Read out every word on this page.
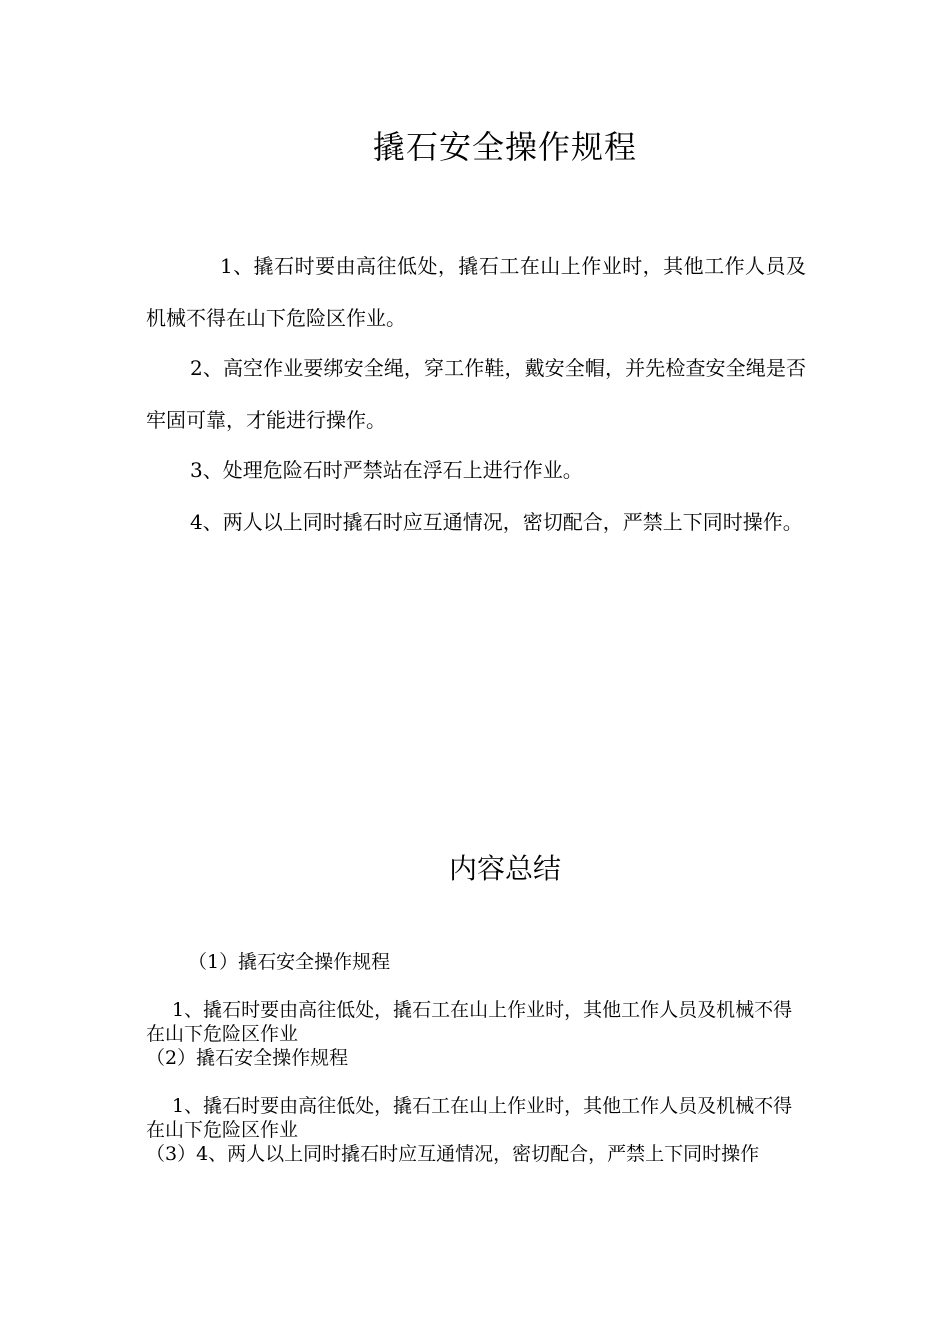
撬石安全操作规程

1、撬石时要由高往低处，撬石工在山上作业时，其他工作人员及机械不得在山下危险区作业。

2、高空作业要绑安全绳，穿工作鞋，戴安全帽，并先检查安全绳是否牢固可靠，才能进行操作。

3、处理危险石时严禁站在浮石上进行作业。

4、两人以上同时撬石时应互通情况，密切配合，严禁上下同时操作。

内容总结

（1）撬石安全操作规程

1、撬石时要由高往低处，撬石工在山上作业时，其他工作人员及机械不得在山下危险区作业

（2）撬石安全操作规程

1、撬石时要由高往低处，撬石工在山上作业时，其他工作人员及机械不得在山下危险区作业

（3）4、两人以上同时撬石时应互通情况，密切配合，严禁上下同时操作
